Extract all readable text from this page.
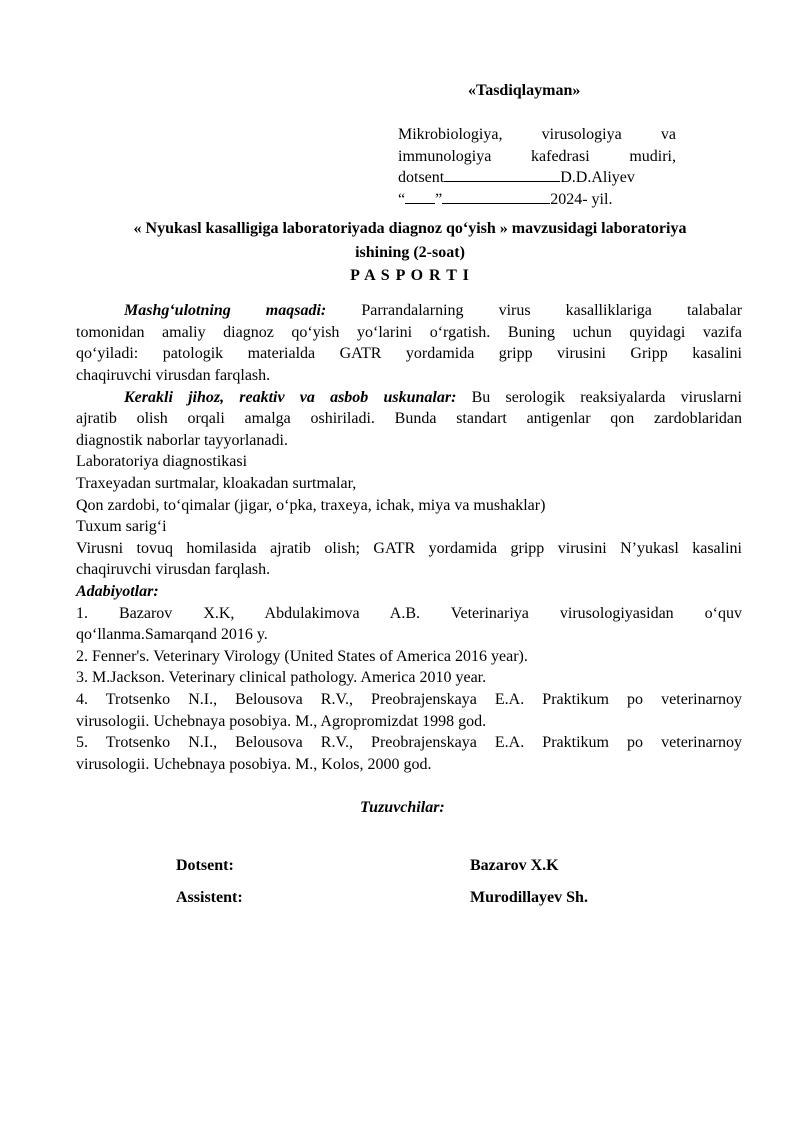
«Tasdiqlayman»
Mikrobiologiya, virusologiya va
immunologiya kafedrasi mudiri,
dotsent	D.D.Aliyev
“ ”	2024- yil.
« Nyukasl kasalligiga laboratoriyada diagnoz qo‘yish » mavzusidagi laboratoriya
ishining (2-soat)
P A S P O R T I
Mashg‘ulotning maqsadi: Parrandalarning virus kasalliklariga talabalar
tomonidan amaliy diagnoz qo‘yish yo‘larini o‘rgatish. Buning uchun quyidagi vazifa
qo‘yiladi: patologik materialda GATR yordamida gripp virusini Gripp kasalini
chaqiruvchi virusdan farqlash.
Kerakli jihoz, reaktiv va asbob uskunalar: Bu serologik reaksiyalarda viruslarni
ajratib olish orqali amalga oshiriladi. Bunda standart antigenlar qon zardoblaridan
diagnostik naborlar tayyorlanadi.
Laboratoriya diagnostikasi
Traxeyadan surtmalar, kloakadan surtmalar,
Qon zardobi, to‘qimalar (jigar, o‘pka, traxeya, ichak, miya va mushaklar)
Tuxum sarig‘i
Virusni tovuq homilasida ajratib olish; GATR yordamida gripp virusini N’yukasl kasalini
chaqiruvchi virusdan farqlash.
Adabiyotlar:
1. Bazarov X.K, Abdulakimova A.B. Veterinariya virusologiyasidan o‘quv
qo‘llanma.Samarqand 2016 y.
2. Fenner's. Veterinary Virology (United States of America 2016 year).
3. M.Jackson. Veterinary clinical pathology. America 2010 year.
4. Trotsenko N.I., Belousova R.V., Preobrajenskaya E.A. Praktikum po veterinarnoy
virusologii. Uchebnaya posobiya. M., Agropromizdat 1998 god.
5. Trotsenko N.I., Belousova R.V., Preobrajenskaya E.A. Praktikum po veterinarnoy
virusologii. Uchebnaya posobiya. M., Kolos, 2000 god.
Tuzuvchilar:
Dotsent:	Bazarov X.K
Assistent:	Murodillayev Sh.
